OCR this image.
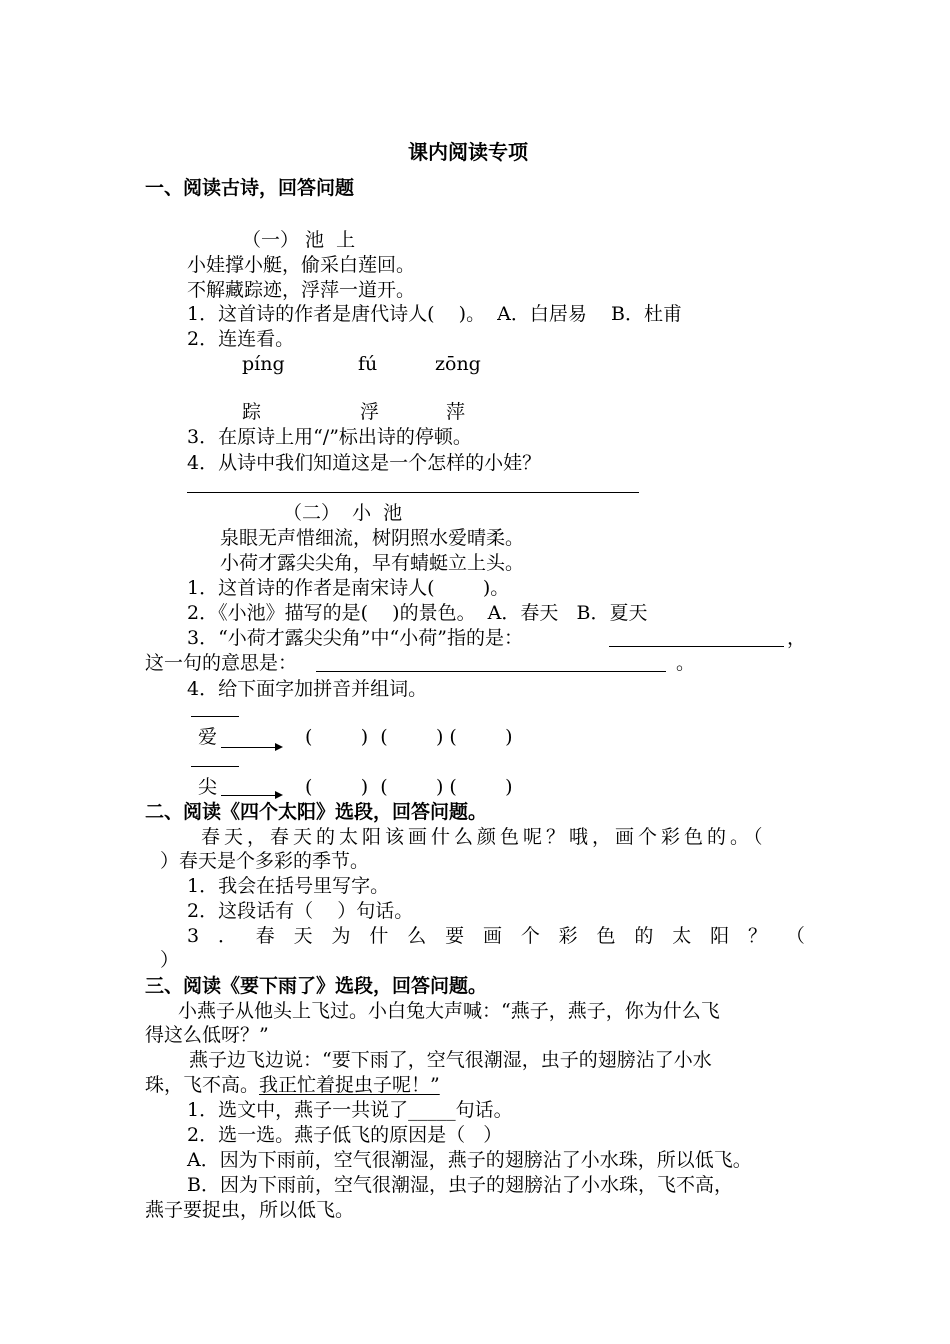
课内阅读专项
一、阅读古诗，回答问题
（一） 池  上
小娃撑小艇，偷采白莲回。
不解藏踪迹，浮萍一道开。
1．这首诗的作者是唐代诗人(    )。  A．白居易    B．杜甫
2．连连看。
píng	fú	zōng
踪	浮	萍
3．在原诗上用“/”标出诗的停顿。
4．从诗中我们知道这是一个怎样的小娃？
（二）  小  池
泉眼无声惜细流，树阴照水爱晴柔。
小荷才露尖尖角，早有蜻蜓立上头。
1．这首诗的作者是南宋诗人(        )。
2．《小池》描写的是(    )的景色。  A．春天   B．夏天
3．“小荷才露尖尖角”中“小荷”指的是：	，
这一句的意思是：	。
4．给下面字加拼音并组词。
爱	(        )  (        ) (        )
尖	(        )  (        ) (        )
二、阅读《四个太阳》选段，回答问题。
春天，春天的太阳该画什么颜色呢？哦，画个彩色的。（
）春天是个多彩的季节。
1．我会在括号里写字。
2．这段话有（    ）句话。
3 ． 春 天 为 什 么 要 画 个 彩 色 的 太 阳 ？ （
）
三、阅读《要下雨了》选段，回答问题。
小燕子从他头上飞过。小白兔大声喊：“燕子，燕子，你为什么飞
得这么低呀？”
燕子边飞边说：“要下雨了，空气很潮湿，虫子的翅膀沾了小水
珠，飞不高。我正忙着捉虫子呢！”
1．选文中，燕子一共说了_____句话。
2．选一选。燕子低飞的原因是（   ）
A．因为下雨前，空气很潮湿，燕子的翅膀沾了小水珠，所以低飞。
B．因为下雨前，空气很潮湿，虫子的翅膀沾了小水珠，飞不高，
燕子要捉虫，所以低飞。
